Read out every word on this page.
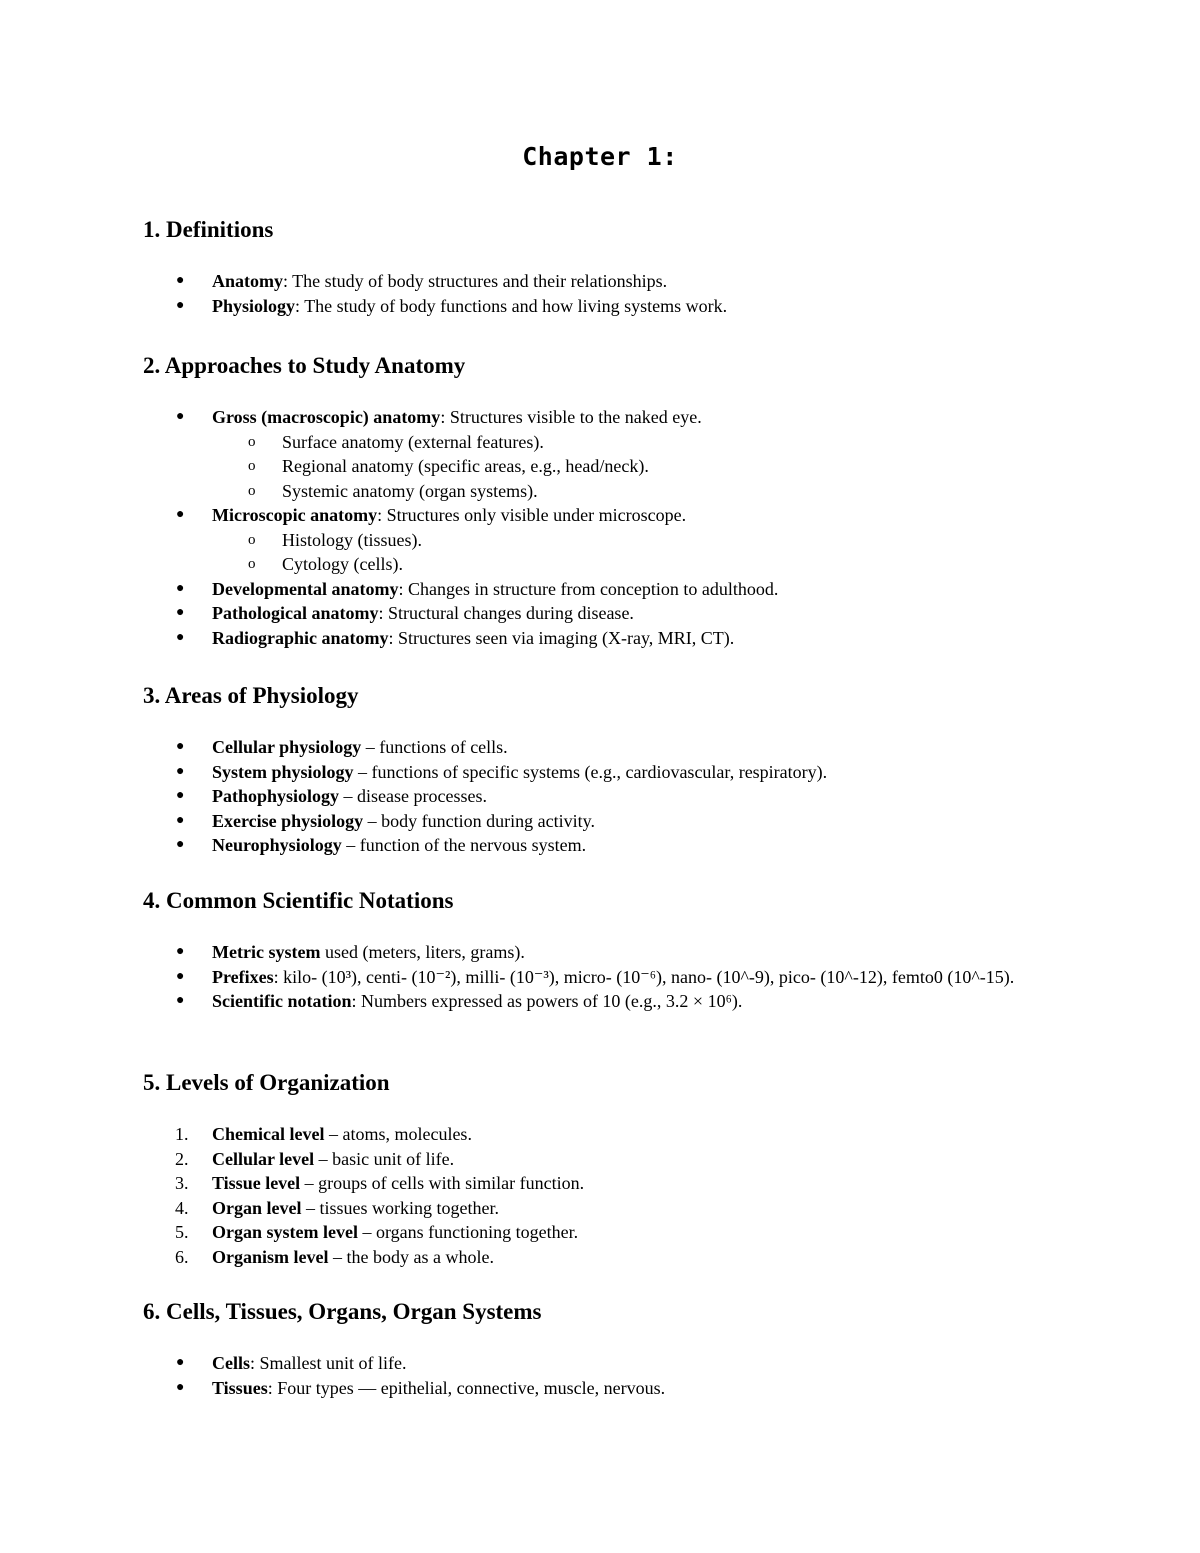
Chapter 1:
1. Definitions
● Anatomy: The study of body structures and their relationships.
● Physiology: The study of body functions and how living systems work.
2. Approaches to Study Anatomy
● Gross (macroscopic) anatomy: Structures visible to the naked eye.
o Surface anatomy (external features).
o Regional anatomy (specific areas, e.g., head/neck).
o Systemic anatomy (organ systems).
● Microscopic anatomy: Structures only visible under microscope.
o Histology (tissues).
o Cytology (cells).
● Developmental anatomy: Changes in structure from conception to adulthood.
● Pathological anatomy: Structural changes during disease.
● Radiographic anatomy: Structures seen via imaging (X-ray, MRI, CT).
3. Areas of Physiology
● Cellular physiology – functions of cells.
● System physiology – functions of specific systems (e.g., cardiovascular, respiratory).
● Pathophysiology – disease processes.
● Exercise physiology – body function during activity.
● Neurophysiology – function of the nervous system.
4. Common Scientific Notations
● Metric system used (meters, liters, grams).
● Prefixes: kilo- (10³), centi- (10⁻²), milli- (10⁻³), micro- (10⁻⁶), nano- (10^-9), pico- (10^-12), femto0 (10^-15).
● Scientific notation: Numbers expressed as powers of 10 (e.g., 3.2 × 10⁶).
5. Levels of Organization
1. Chemical level – atoms, molecules.
2. Cellular level – basic unit of life.
3. Tissue level – groups of cells with similar function.
4. Organ level – tissues working together.
5. Organ system level – organs functioning together.
6. Organism level – the body as a whole.
6. Cells, Tissues, Organs, Organ Systems
● Cells: Smallest unit of life.
● Tissues: Four types — epithelial, connective, muscle, nervous.
